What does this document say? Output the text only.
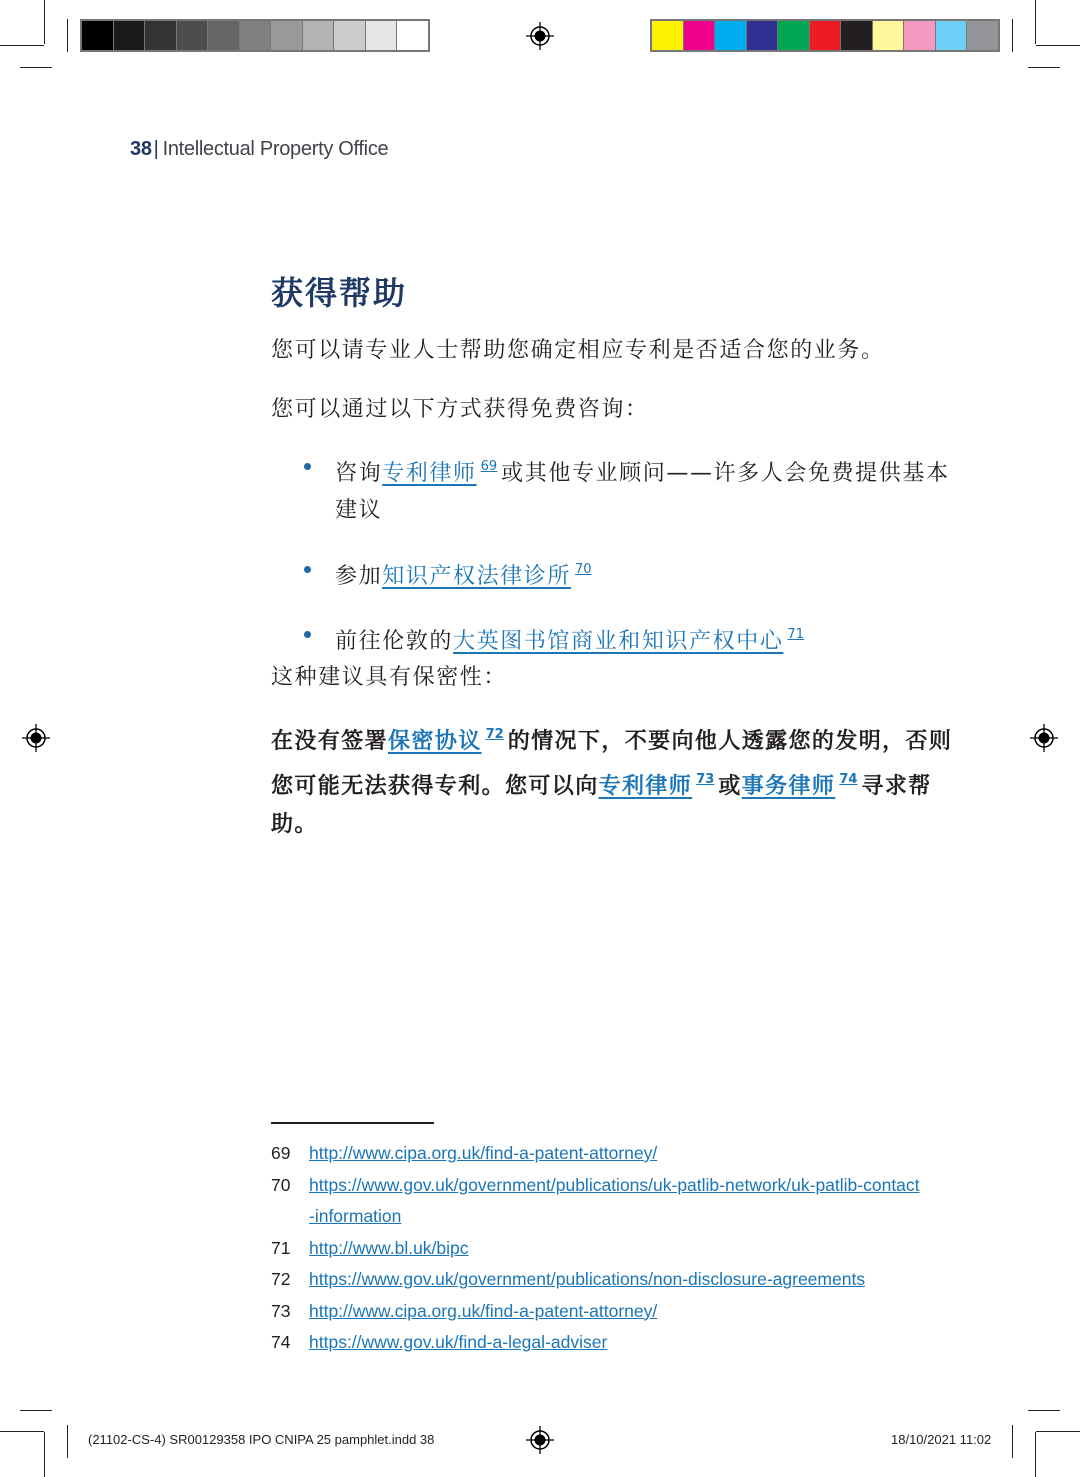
38 | Intellectual Property Office
获得帮助
您可以请专业人士帮助您确定相应专利是否适合您的业务。
您可以通过以下方式获得免费咨询：
咨询专利律师 $^{69}$ 或其他专业顾问——许多人会免费提供基本建议
参加知识产权法律诊所 $^{70}$
前往伦敦的大英图书馆商业和知识产权中心 $^{71}$
这种建议具有保密性：
在没有签署保密协议 $^{72}$ 的情况下，不要向他人透露您的发明，否则您可能无法获得专利。您可以向专利律师 $^{73}$ 或事务律师 $^{74}$ 寻求帮助。
69	http://www.cipa.org.uk/find-a-patent-attorney/
70	https://www.gov.uk/government/publications/uk-patlib-network/uk-patlib-contact-information
71	http://www.bl.uk/bipc
72	https://www.gov.uk/government/publications/non-disclosure-agreements
73	http://www.cipa.org.uk/find-a-patent-attorney/
74	https://www.gov.uk/find-a-legal-adviser
(21102-CS-4) SR00129358 IPO CNIPA 25 pamphlet.indd 38	18/10/2021 11:02
